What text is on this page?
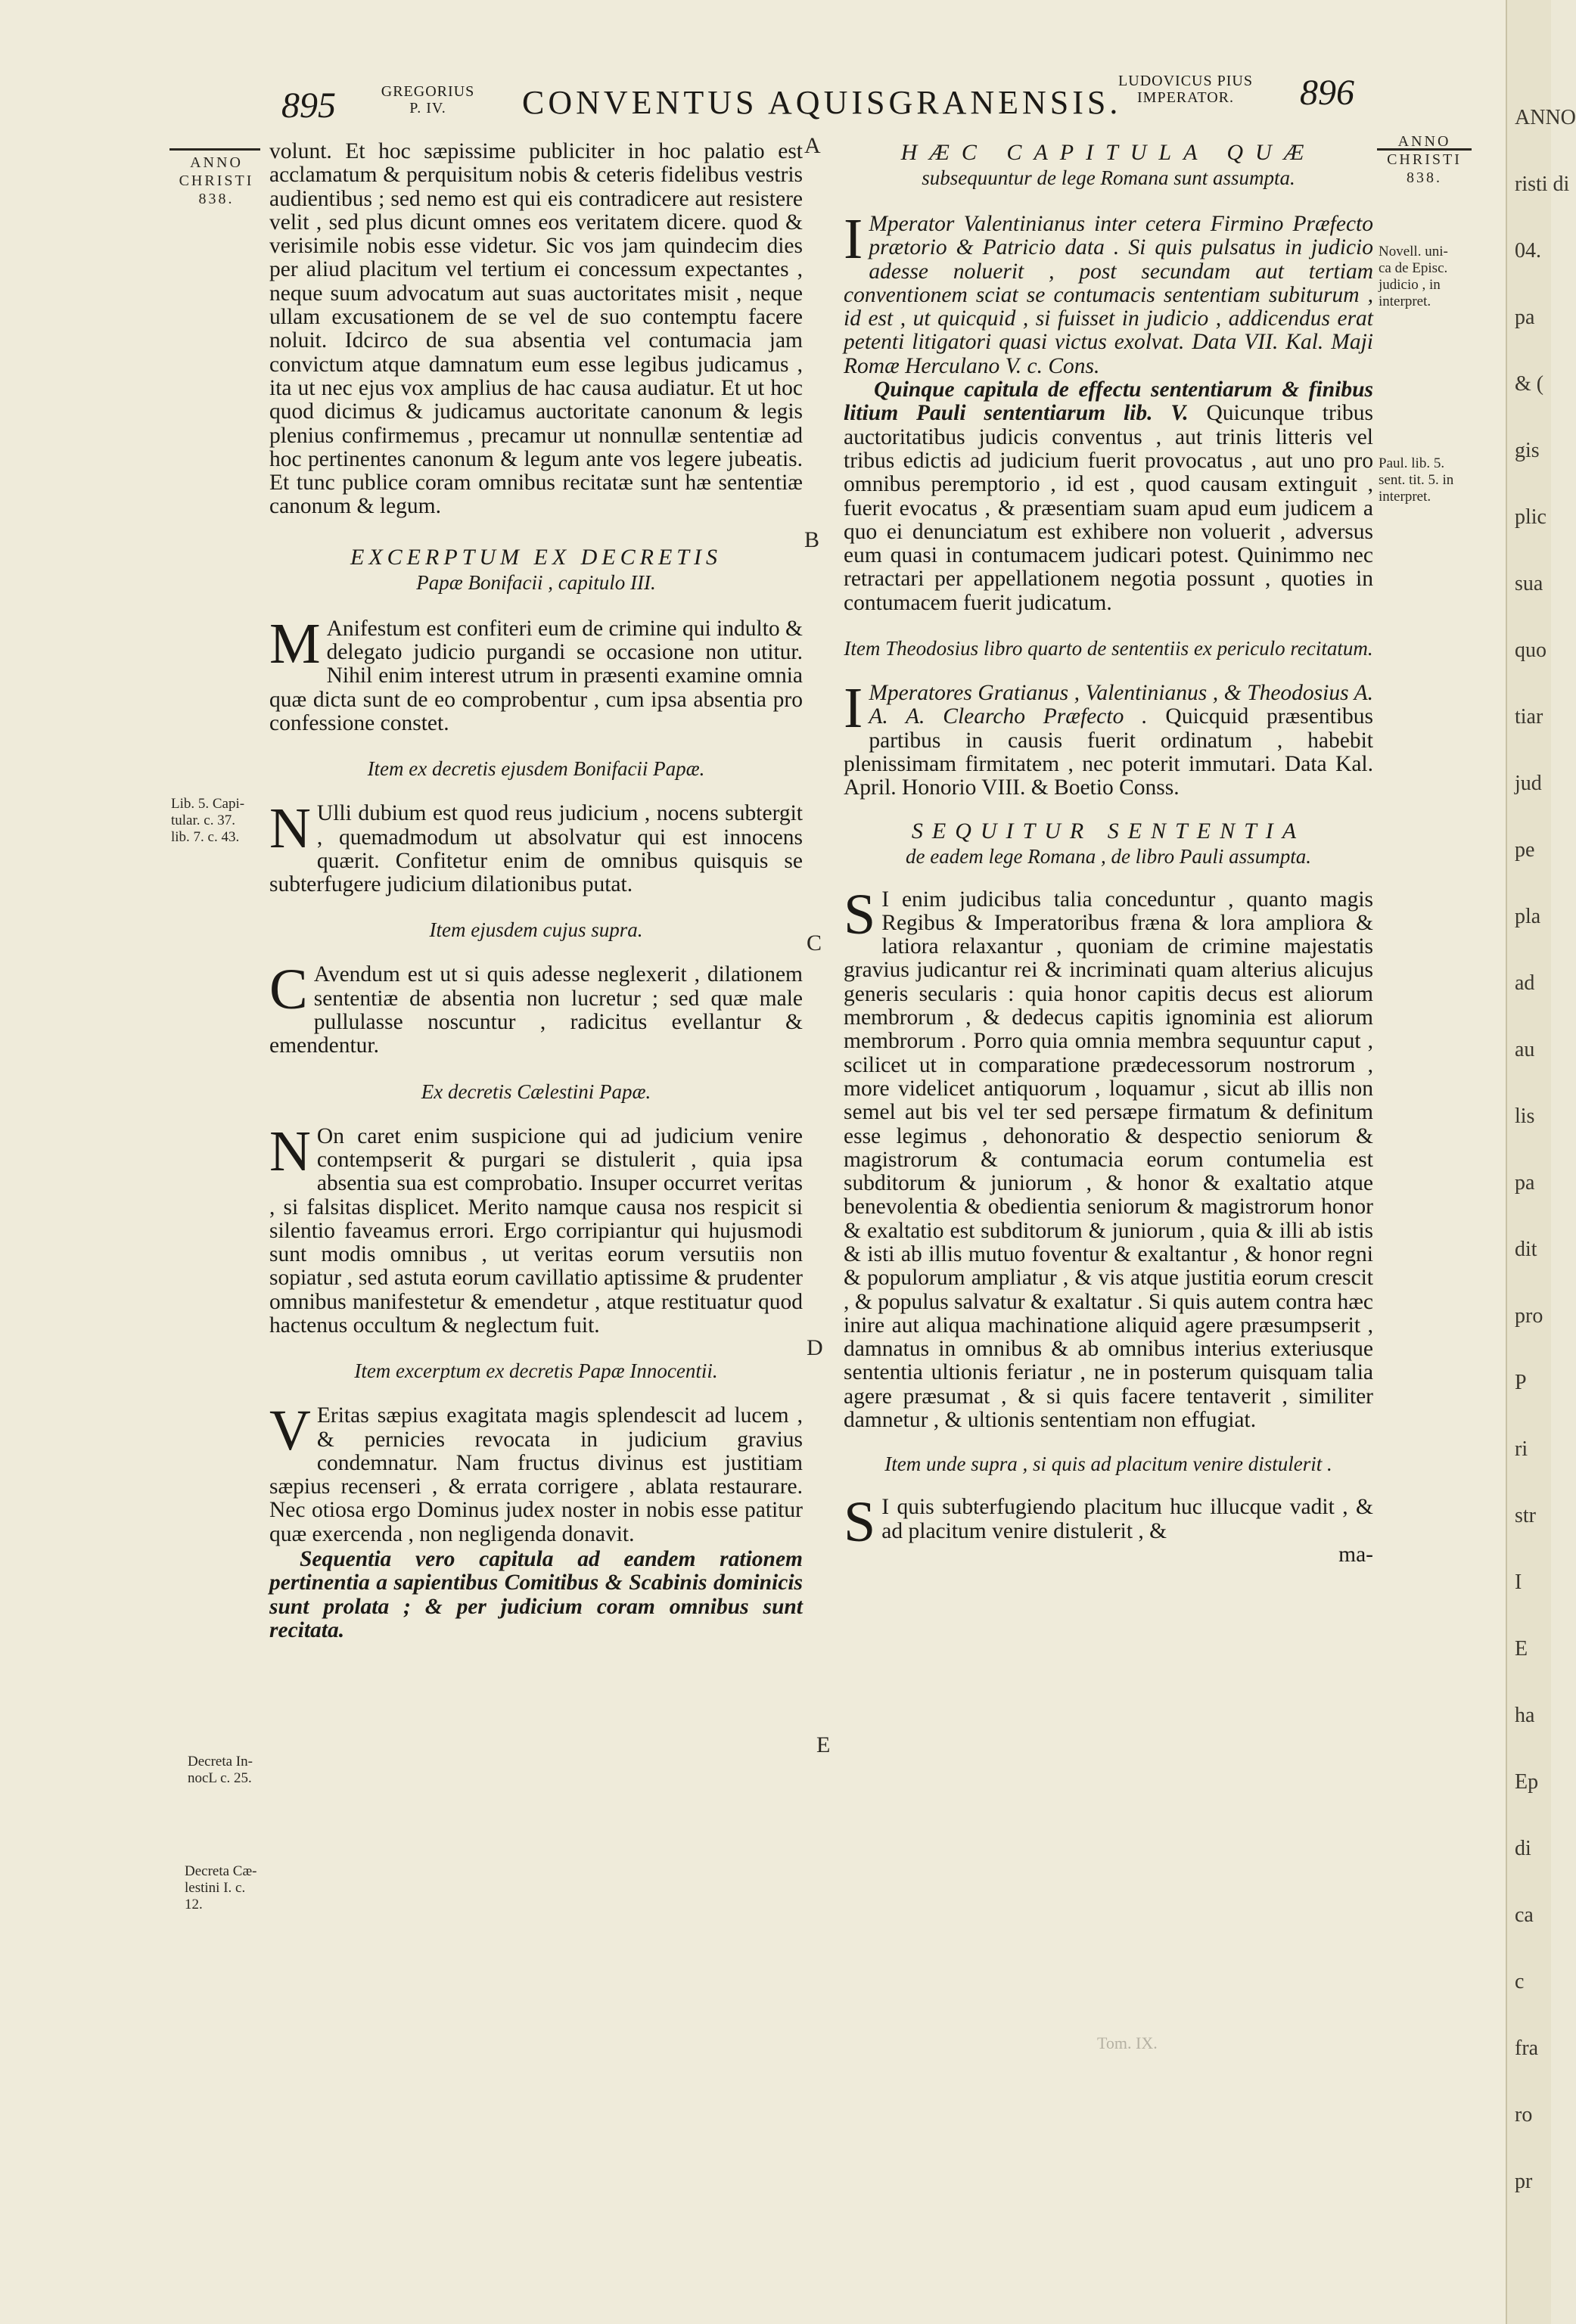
895	GREGORIUS
P. IV.	CONVENTUS AQUISGRANENSIS.
LUDOVICUS PIUS
IMPERATOR.	896
ANNO
CHRISTI
838.
Lib. 5. Capi-
tular. c. 37.
lib. 7. c. 43.
Decreta In-
nocL c. 25.
Decreta Cæ-
lestini I. c.
12.
ANNO
CHRISTI
838.
Novell. uni-
ca de Episc.
judicio , in
interpret.
Paul. lib. 5.
sent. tit. 5. in
interpret.
A
B
C
D
E

volunt. Et hoc sæpissime publiciter in hoc palatio est acclamatum & perquisitum nobis & ceteris fidelibus vestris audientibus ; sed nemo est qui eis contradicere aut resistere velit , sed plus dicunt omnes eos veritatem dicere. quod & verisimile nobis esse videtur. Sic vos jam quindecim dies per aliud placitum vel tertium ei concessum expectantes , neque suum advocatum aut suas auctoritates misit , neque ullam excusationem de se vel de suo contemptu facere noluit. Idcirco de sua absentia vel contumacia jam convictum atque damnatum eum esse legibus judicamus , ita ut nec ejus vox amplius de hac causa audiatur. Et ut hoc quod dicimus & judicamus auctoritate canonum & legis plenius confirmemus , precamur ut nonnullæ sententiæ ad hoc pertinentes canonum & legum ante vos legere jubeatis. Et tunc publice coram omnibus recitatæ sunt hæ sententiæ canonum & legum.

EXCERPTUM EX DECRETIS
Papæ Bonifacii , capitulo III.

M Anifestum est confiteri eum de crimine qui indulto & delegato judicio purgandi se occasione non utitur. Nihil enim interest utrum in præsenti examine omnia quæ dicta sunt de eo comprobentur , cum ipsa absentia pro confessione constet.

Item ex decretis ejusdem Bonifacii Papæ.

N Ulli dubium est quod reus judicium , nocens subtergit , quemadmodum ut absolvatur qui est innocens quærit. Confitetur enim de omnibus quisquis se subterfugere judicium dilationibus putat.

Item ejusdem cujus supra.

C Avendum est ut si quis adesse neglexerit , dilationem sententiæ de absentia non lucretur ; sed quæ male pullulasse noscuntur , radicitus evellantur & emendentur.

Ex decretis Cælestini Papæ.

N On caret enim suspicione qui ad judicium venire contempserit & purgari se distulerit , quia ipsa absentia sua est comprobatio. Insuper occurret veritas , si falsitas displicet. Merito namque causa nos respicit si silentio faveamus errori. Ergo corripiantur qui hujusmodi sunt modis omnibus , ut veritas eorum versutiis non sopiatur , sed astuta eorum cavillatio aptissime & prudenter omnibus manifestetur & emendetur , atque restituatur quod hactenus occultum & neglectum fuit.

Item excerptum ex decretis Papæ Innocentii.

V Eritas sæpius exagitata magis splendescit ad lucem , & pernicies revocata in judicium gravius condemnatur. Nam fructus divinus est justitiam sæpius recenseri , & errata corrigere , ablata restaurare. Nec otiosa ergo Dominus judex noster in nobis esse patitur quæ exercenda , non negligenda donavit.

Sequentia vero capitula ad eandem rationem pertinentia a sapientibus Comitibus & Scabinis dominicis sunt prolata ; & per judicium coram omnibus sunt recitata.

HÆC CAPITULA QUÆ
subsequuntur de lege Romana sunt assumpta.

I Mperator Valentinianus inter cetera Firmino Præfecto prætorio & Patricio data . Si quis pulsatus in judicio adesse noluerit , post secundam aut tertiam conventionem sciat se contumacis sententiam subiturum , id est , ut quicquid , si fuisset in judicio , addicendus erat petenti litigatori quasi victus exolvat. Data VII. Kal. Maji Romæ Herculano V. c. Cons.

Quinque capitula de effectu sententiarum & finibus litium Pauli sententiarum lib. V. Quicunque tribus auctoritatibus judicis conventus , aut trinis litteris vel tribus edictis ad judicium fuerit provocatus , aut uno pro omnibus peremptorio , id est , quod causam extinguit , fuerit evocatus , & præsentiam suam apud eum judicem a quo ei denunciatum est exhibere non voluerit , adversus eum quasi in contumacem judicari potest. Quinimmo nec retractari per appellationem negotia possunt , quoties in contumacem fuerit judicatum.

Item Theodosius libro quarto de sententiis ex periculo recitatum.

I Mperatores Gratianus , Valentinianus , & Theodosius A. A. A. Clearcho Præfecto . Quicquid præsentibus partibus in causis fuerit ordinatum , habebit plenissimam firmitatem , nec poterit immutari. Data Kal. April. Honorio VIII. & Boetio Conss.

SEQUITUR SENTENTIA
de eadem lege Romana , de libro Pauli assumpta.

S I enim judicibus talia conceduntur , quanto magis Regibus & Imperatoribus fræna & lora ampliora & latiora relaxantur , quoniam de crimine majestatis gravius judicantur rei & incriminati quam alterius alicujus generis secularis : quia honor capitis decus est aliorum membrorum , & dedecus capitis ignominia est aliorum membrorum . Porro quia omnia membra sequuntur caput , scilicet ut in comparatione prædecessorum nostrorum , more videlicet antiquorum , loquamur , sicut ab illis non semel aut bis vel ter sed persæpe firmatum & definitum esse legimus , dehonoratio & despectio seniorum & magistrorum & contumacia eorum contumelia est subditorum & juniorum , & honor & exaltatio atque benevolentia & obedientia seniorum & magistrorum honor & exaltatio est subditorum & juniorum , quia & illi ab istis & isti ab illis mutuo foventur & exaltantur , & honor regni & populorum ampliatur , & vis atque justitia eorum crescit , & populus salvatur & exaltatur . Si quis autem contra hæc inire aut aliqua machinatione aliquid agere præsumpserit , damnatus in omnibus & ab omnibus interius exteriusque sententia ultionis feriatur , ne in posterum quisquam talia agere præsumat , & si quis facere tentaverit , similiter damnetur , & ultionis sententiam non effugiat.

Item unde supra , si quis ad placitum venire distulerit .

S I quis subterfugiendo placitum huc illucque vadit , & ad placitum venire distulerit , &

ma-
Tom. IX.
ANNO
risti di
04.
pa
& (
gis
plic
sua
quo
tiar
jud
pe
pla
ad
au
lis
pa
dit
pro
P
ri
str
I
E
ha
Ep
di
ca
c
fra
ro
pr
